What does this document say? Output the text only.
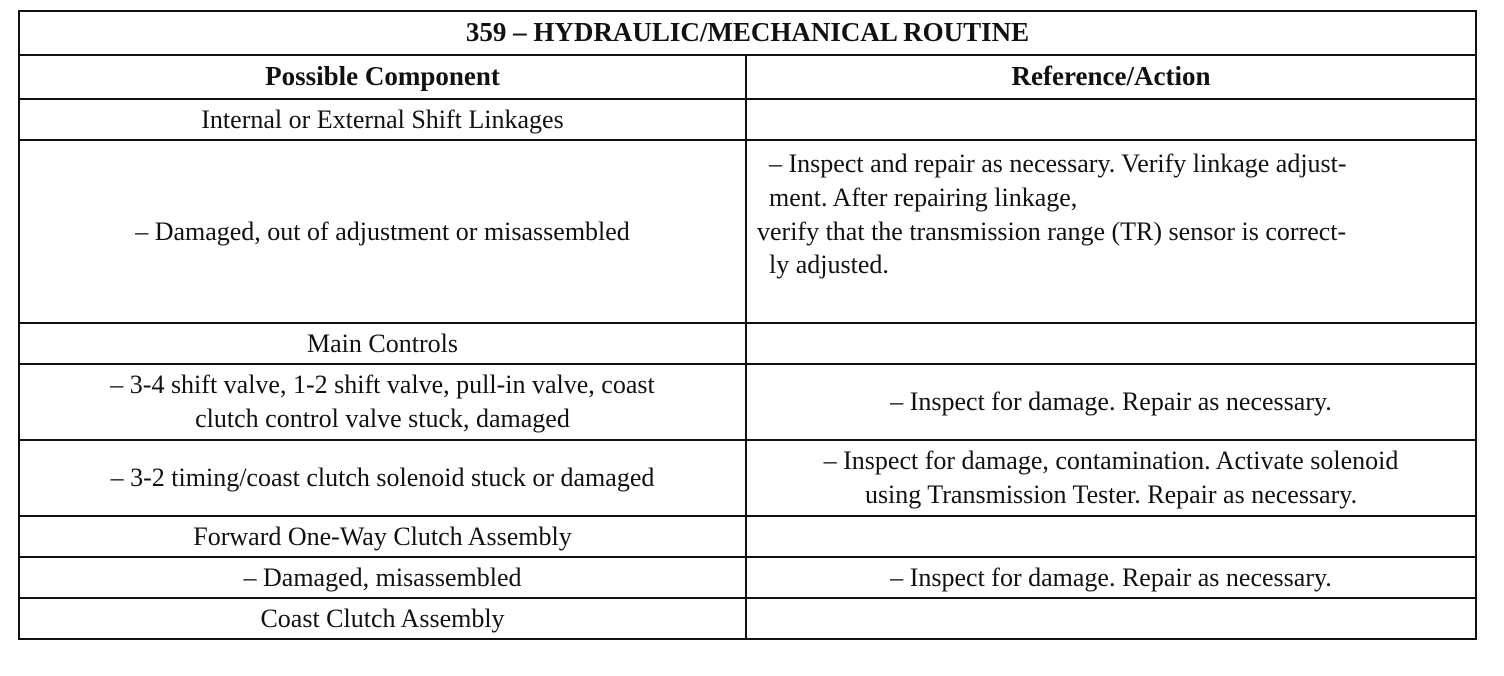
359 – HYDRAULIC/MECHANICAL ROUTINE	
Possible Component	Reference/Action

Internal or External Shift Linkages	

– Damaged, out of adjustment or misassembled	– Inspect and repair as necessary. Verify linkage adjust-
ment. After repairing linkage,
verify that the transmission range (TR) sensor is correct-
ly adjusted.

Main Controls	

– 3-4 shift valve, 1-2 shift valve, pull-in valve, coast
clutch control valve stuck, damaged	– Inspect for damage. Repair as necessary.

– 3-2 timing/coast clutch solenoid stuck or damaged	– Inspect for damage, contamination. Activate solenoid
using Transmission Tester. Repair as necessary.

Forward One-Way Clutch Assembly	

– Damaged, misassembled	– Inspect for damage. Repair as necessary.

Coast Clutch Assembly	
